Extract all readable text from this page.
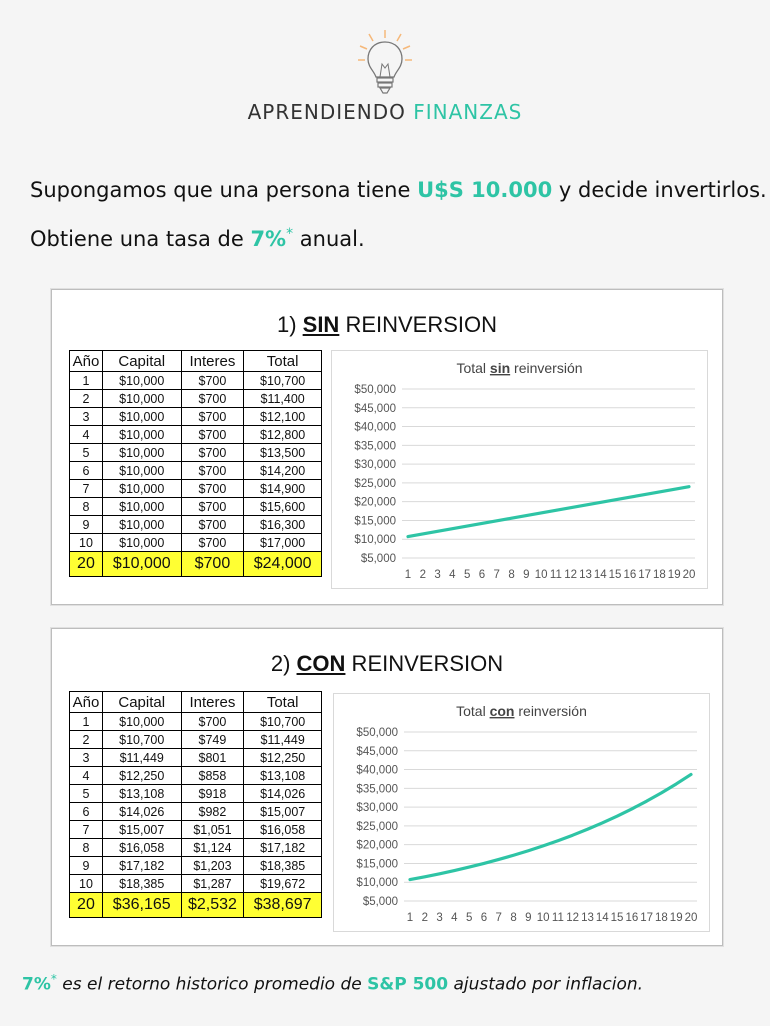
APRENDIENDO FINANZAS
Supongamos que una persona tiene U$S 10.000 y decide invertirlos.
Obtiene una tasa de 7%* anual.
1) SIN REINVERSION
Año	Capital	Interes	Total
1	$10,000	$700	$10,700
2	$10,000	$700	$11,400
3	$10,000	$700	$12,100
4	$10,000	$700	$12,800
5	$10,000	$700	$13,500
6	$10,000	$700	$14,200
7	$10,000	$700	$14,900
8	$10,000	$700	$15,600
9	$10,000	$700	$16,300
10	$10,000	$700	$17,000
20	$10,000	$700	$24,000
Total sin reinversión
$5,000
$10,000
$15,000
$20,000
$25,000
$30,000
$35,000
$40,000
$45,000
$50,000
1 2 3 4 5 6 7 8 9 10 11 12 13 14 15 16 17 18 19 20
2) CON REINVERSION
Año	Capital	Interes	Total
1	$10,000	$700	$10,700
2	$10,700	$749	$11,449
3	$11,449	$801	$12,250
4	$12,250	$858	$13,108
5	$13,108	$918	$14,026
6	$14,026	$982	$15,007
7	$15,007	$1,051	$16,058
8	$16,058	$1,124	$17,182
9	$17,182	$1,203	$18,385
10	$18,385	$1,287	$19,672
20	$36,165	$2,532	$38,697
Total con reinversión
$5,000
$10,000
$15,000
$20,000
$25,000
$30,000
$35,000
$40,000
$45,000
$50,000
1 2 3 4 5 6 7 8 9 10 11 12 13 14 15 16 17 18 19 20
7%* es el retorno historico promedio de S&P 500 ajustado por inflacion.
